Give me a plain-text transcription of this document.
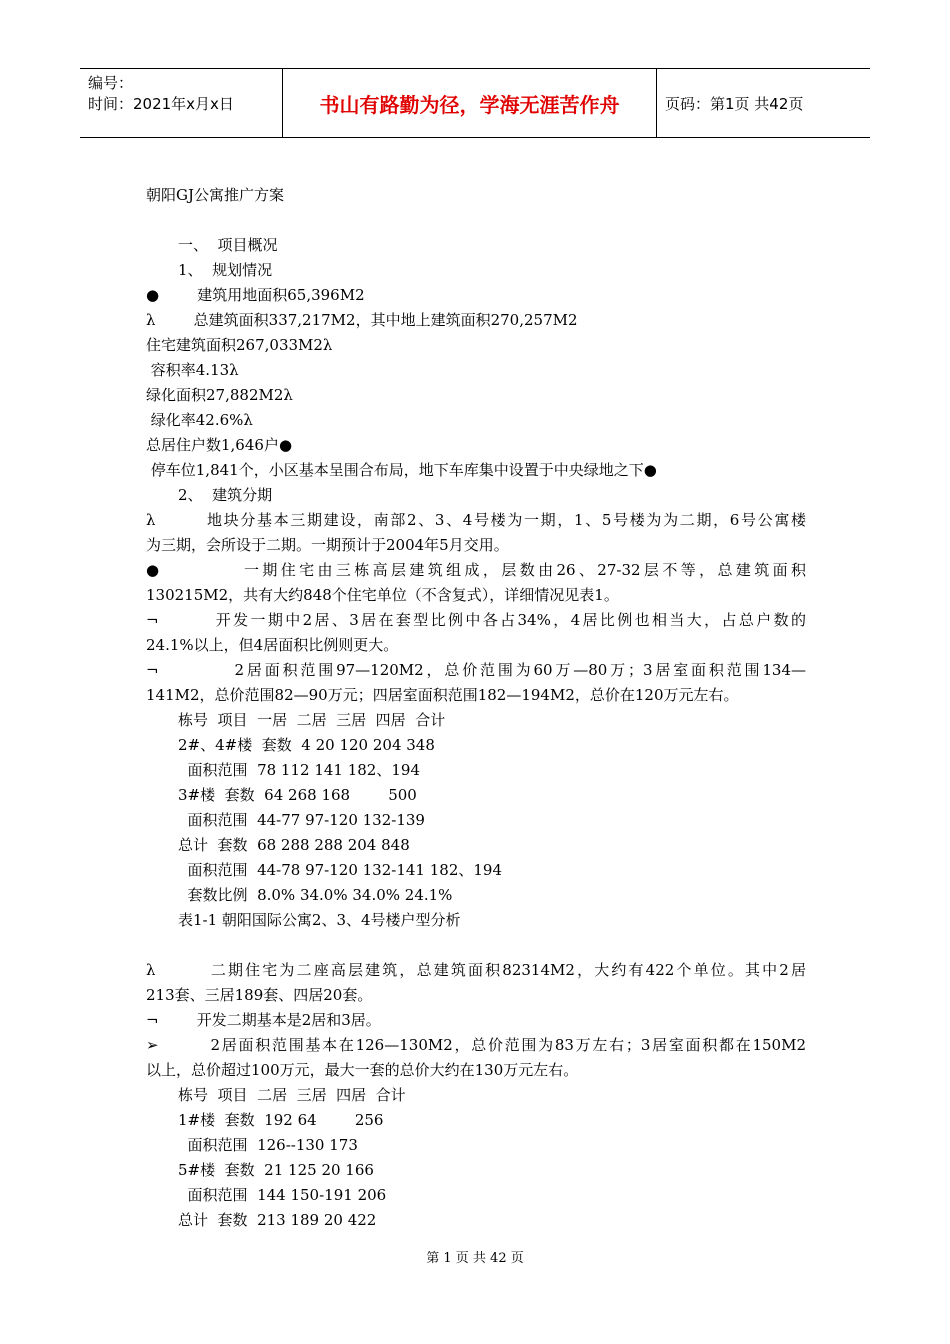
编号：
时间：2021年x月x日	书山有路勤为径，学海无涯苦作舟	页码：第1页 共42页
朝阳GJ公寓推广方案
一、  项目概况
1、  规划情况
●        建筑用地面积65,396M2
λ        总建筑面积337,217M2，其中地上建筑面积270,257M2
住宅建筑面积267,033M2λ
容积率4.13λ
绿化面积27,882M2λ
绿化率42.6%λ
总居住户数1,646户●
停车位1,841个，小区基本呈围合布局，地下车库集中设置于中央绿地之下●
2、  建筑分期
λ        地块分基本三期建设，南部2、3、4号楼为一期，1、5号楼为为二期，6号公寓楼
为三期，会所设于二期。一期预计于2004年5月交用。
●          一期住宅由三栋高层建筑组成，层数由26、27-32层不等，总建筑面积
130215M2，共有大约848个住宅单位（不含复式），详细情况见表1。
¬        开发一期中2居、3居在套型比例中各占34%，4居比例也相当大，占总户数的
24.1%以上，但4居面积比例则更大。
¬          2居面积范围97—120M2，总价范围为60万—80万；3居室面积范围134—
141M2，总价范围82—90万元；四居室面积范围182—194M2，总价在120万元左右。
栋号  项目  一居  二居  三居  四居  合计
2#、4#楼  套数  4 20 120 204 348
面积范围  78 112 141 182、194
3#楼  套数  64 268 168        500
面积范围  44-77 97-120 132-139
总计  套数  68 288 288 204 848
面积范围  44-78 97-120 132-141 182、194
套数比例  8.0% 34.0% 34.0% 24.1%
表1-1 朝阳国际公寓2、3、4号楼户型分析
λ        二期住宅为二座高层建筑，总建筑面积82314M2，大约有422个单位。其中2居
213套、三居189套、四居20套。
¬        开发二期基本是2居和3居。
➢        2居面积范围基本在126—130M2，总价范围为83万左右；3居室面积都在150M2
以上，总价超过100万元，最大一套的总价大约在130万元左右。
栋号  项目  二居  三居  四居  合计
1#楼  套数  192 64        256
面积范围  126--130 173
5#楼  套数  21 125 20 166
面积范围  144 150-191 206
总计  套数  213 189 20 422
第 1 页 共 42 页
